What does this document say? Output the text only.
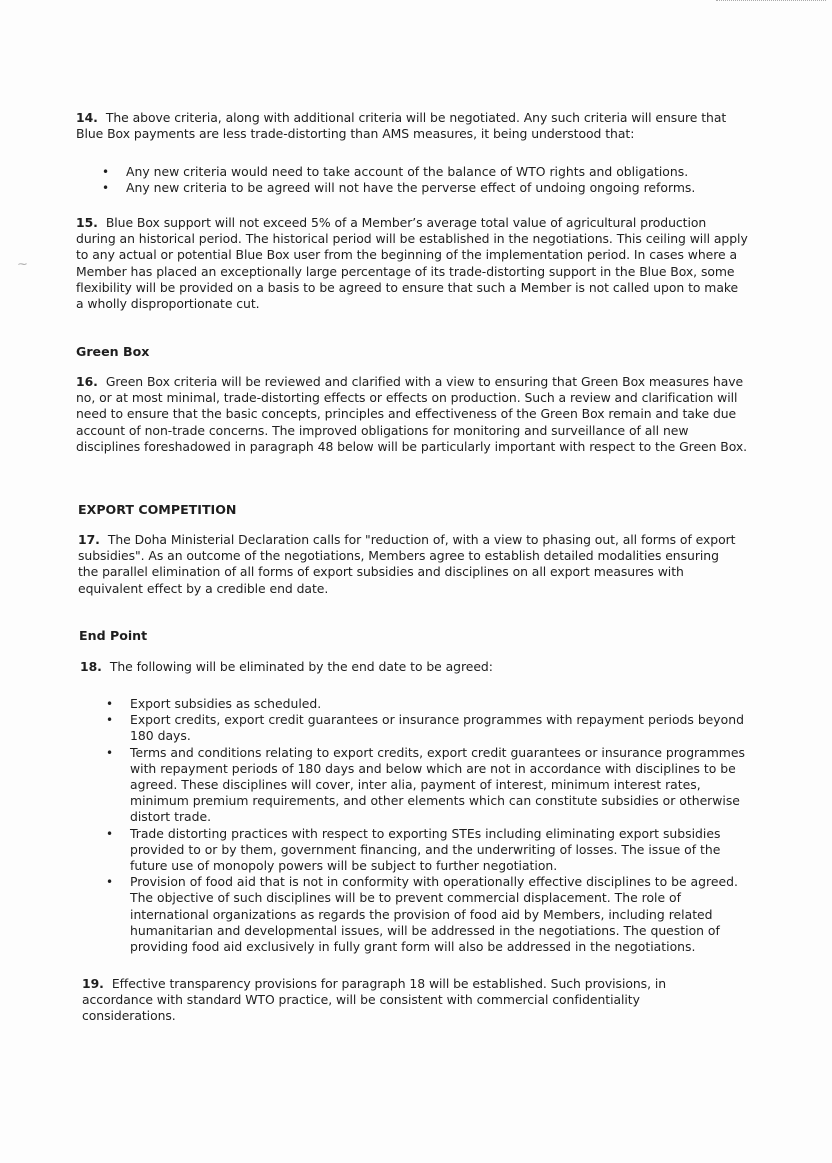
⁓
14. The above criteria, along with additional criteria will be negotiated. Any such criteria will ensure that Blue Box payments are less trade-distorting than AMS measures, it being understood that:
• Any new criteria would need to take account of the balance of WTO rights and obligations.
• Any new criteria to be agreed will not have the perverse effect of undoing ongoing reforms.
15. Blue Box support will not exceed 5% of a Member’s average total value of agricultural production during an historical period. The historical period will be established in the negotiations. This ceiling will apply to any actual or potential Blue Box user from the beginning of the implementation period. In cases where a Member has placed an exceptionally large percentage of its trade-distorting support in the Blue Box, some flexibility will be provided on a basis to be agreed to ensure that such a Member is not called upon to make a wholly disproportionate cut.
Green Box
16. Green Box criteria will be reviewed and clarified with a view to ensuring that Green Box measures have no, or at most minimal, trade-distorting effects or effects on production. Such a review and clarification will need to ensure that the basic concepts, principles and effectiveness of the Green Box remain and take due account of non-trade concerns. The improved obligations for monitoring and surveillance of all new disciplines foreshadowed in paragraph 48 below will be particularly important with respect to the Green Box.
EXPORT COMPETITION
17. The Doha Ministerial Declaration calls for "reduction of, with a view to phasing out, all forms of export subsidies". As an outcome of the negotiations, Members agree to establish detailed modalities ensuring the parallel elimination of all forms of export subsidies and disciplines on all export measures with equivalent effect by a credible end date.
End Point
18. The following will be eliminated by the end date to be agreed:
• Export subsidies as scheduled.
• Export credits, export credit guarantees or insurance programmes with repayment periods beyond 180 days.
• Terms and conditions relating to export credits, export credit guarantees or insurance programmes with repayment periods of 180 days and below which are not in accordance with disciplines to be agreed. These disciplines will cover, inter alia, payment of interest, minimum interest rates, minimum premium requirements, and other elements which can constitute subsidies or otherwise distort trade.
• Trade distorting practices with respect to exporting STEs including eliminating export subsidies provided to or by them, government financing, and the underwriting of losses. The issue of the future use of monopoly powers will be subject to further negotiation.
• Provision of food aid that is not in conformity with operationally effective disciplines to be agreed. The objective of such disciplines will be to prevent commercial displacement. The role of international organizations as regards the provision of food aid by Members, including related humanitarian and developmental issues, will be addressed in the negotiations. The question of providing food aid exclusively in fully grant form will also be addressed in the negotiations.
19. Effective transparency provisions for paragraph 18 will be established. Such provisions, in accordance with standard WTO practice, will be consistent with commercial confidentiality considerations.
